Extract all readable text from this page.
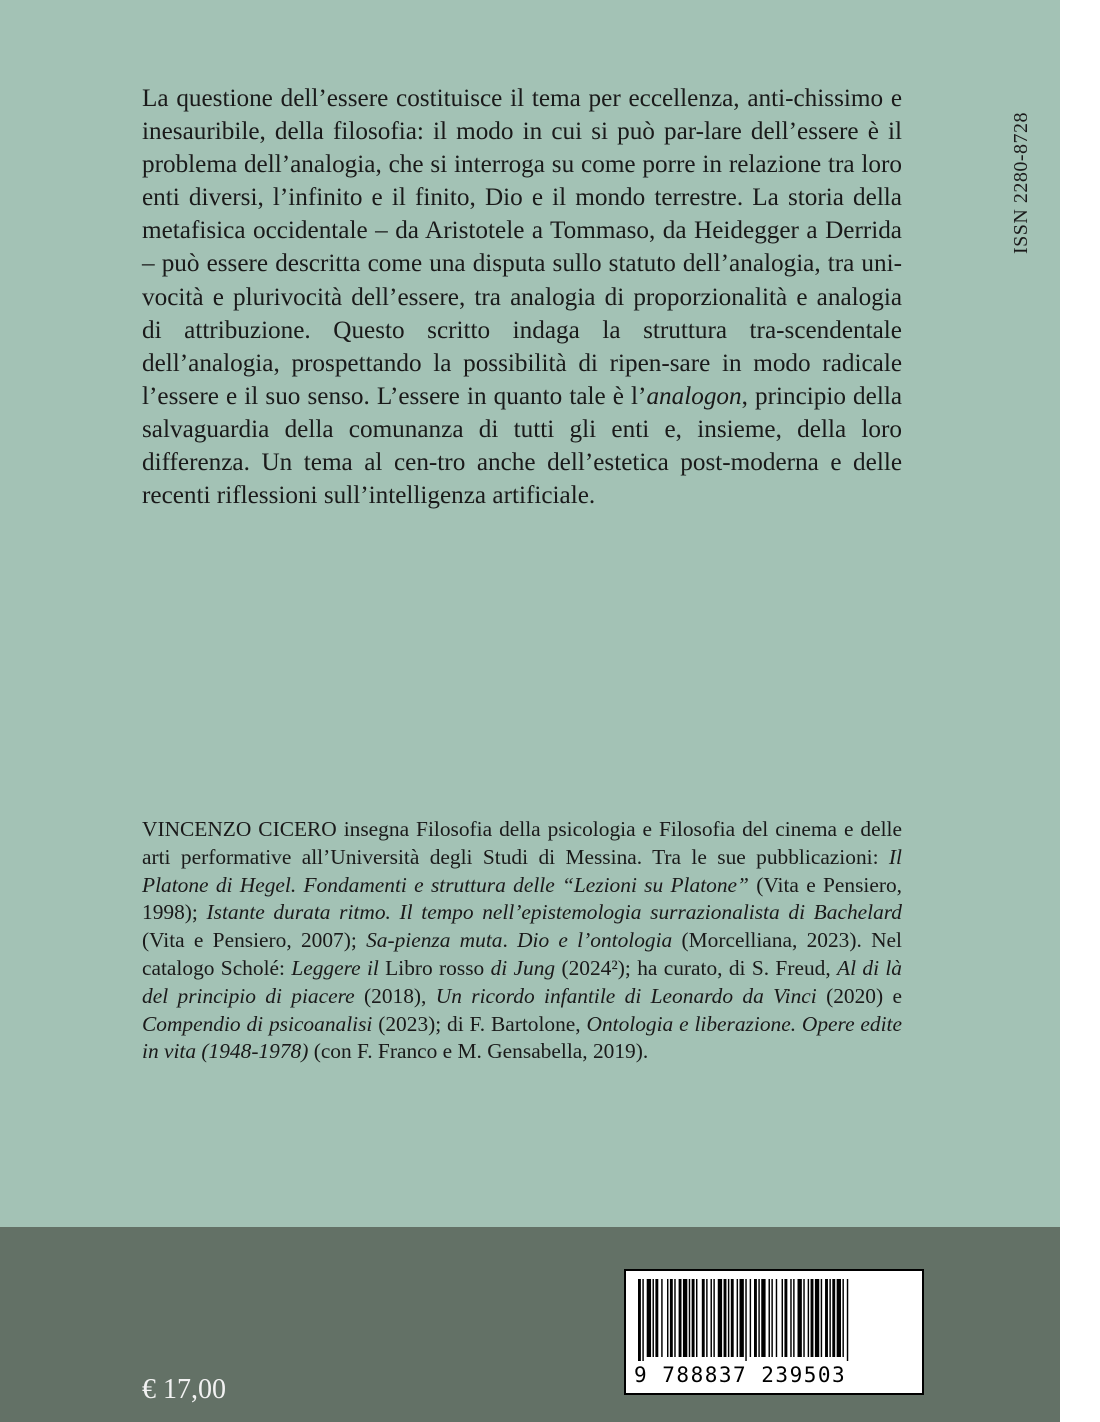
ISSN 2280-8728

La questione dell’essere costituisce il tema per eccellenza, anti-chissimo e inesauribile, della filosofia: il modo in cui si può par-lare dell’essere è il problema dell’analogia, che si interroga su come porre in relazione tra loro enti diversi, l’infinito e il finito, Dio e il mondo terrestre. La storia della metafisica occidentale – da Aristotele a Tommaso, da Heidegger a Derrida – può essere descritta come una disputa sullo statuto dell’analogia, tra uni-vocità e plurivocità dell’essere, tra analogia di proporzionalità e analogia di attribuzione. Questo scritto indaga la struttura tra-scendentale dell’analogia, prospettando la possibilità di ripen-sare in modo radicale l’essere e il suo senso. L’essere in quanto tale è l’analogon, principio della salvaguardia della comunanza di tutti gli enti e, insieme, della loro differenza. Un tema al cen-tro anche dell’estetica post-moderna e delle recenti riflessioni sull’intelligenza artificiale.

VINCENZO CICERO insegna Filosofia della psicologia e Filosofia del cinema e delle arti performative all’Università degli Studi di Messina. Tra le sue pubblicazioni: Il Platone di Hegel. Fondamenti e struttura delle “Lezioni su Platone” (Vita e Pensiero, 1998); Istante durata ritmo. Il tempo nell’epistemologia surrazionalista di Bachelard (Vita e Pensiero, 2007); Sa-pienza muta. Dio e l’ontologia (Morcelliana, 2023). Nel catalogo Scholé: Leggere il Libro rosso di Jung (2024²); ha curato, di S. Freud, Al di là del principio di piacere (2018), Un ricordo infantile di Leonardo da Vinci (2020) e Compendio di psicoanalisi (2023); di F. Bartolone, Ontologia e liberazione. Opere edite in vita (1948-1978) (con F. Franco e M. Gensabella, 2019).

€ 17,00	9 788837 239503
